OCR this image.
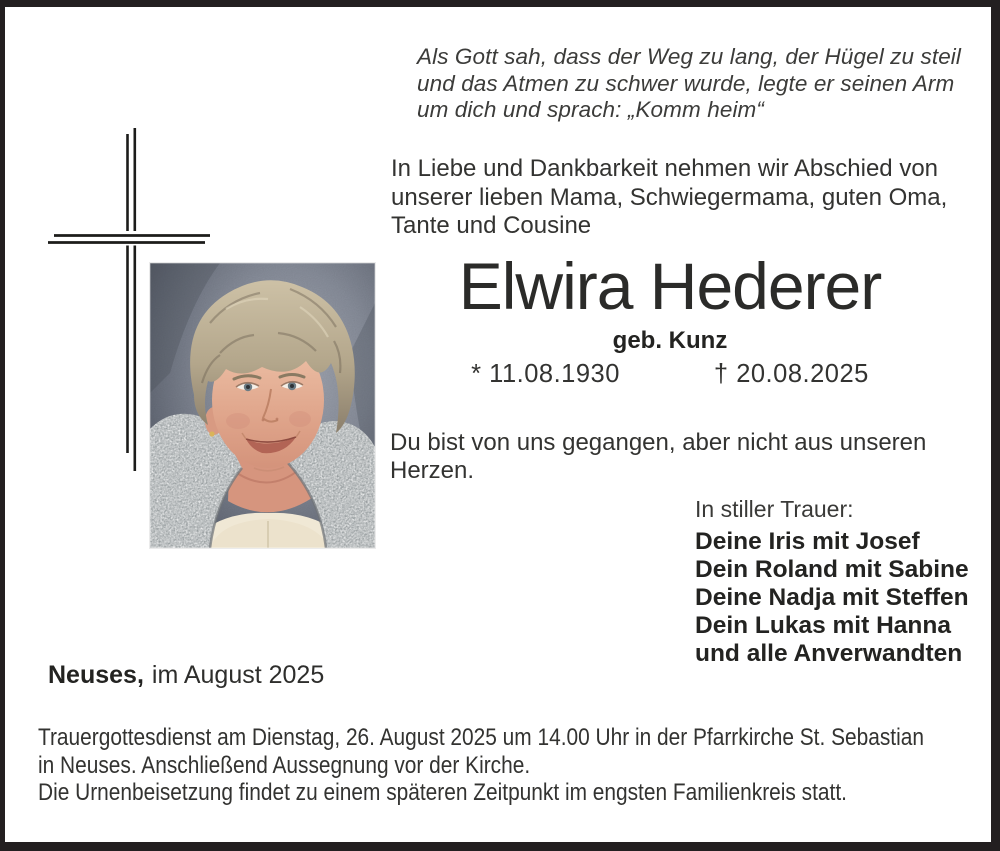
Als Gott sah, dass der Weg zu lang, der Hügel zu steil
und das Atmen zu schwer wurde, legte er seinen Arm
um dich und sprach: „Komm heim“
In Liebe und Dankbarkeit nehmen wir Abschied von
unserer lieben Mama, Schwiegermama, guten Oma,
Tante und Cousine
Elwira Hederer
geb. Kunz
* 11.08.1930	† 20.08.2025
Du bist von uns gegangen, aber nicht aus unseren Herzen.
In stiller Trauer:
Deine Iris mit Josef
Dein Roland mit Sabine
Deine Nadja mit Steffen
Dein Lukas mit Hanna
und alle Anverwandten
Neuses, im August 2025
Trauergottesdienst am Dienstag, 26. August 2025 um 14.00 Uhr in der Pfarrkirche St. Sebastian
in Neuses. Anschließend Aussegnung vor der Kirche.
Die Urnenbeisetzung findet zu einem späteren Zeitpunkt im engsten Familienkreis statt.
